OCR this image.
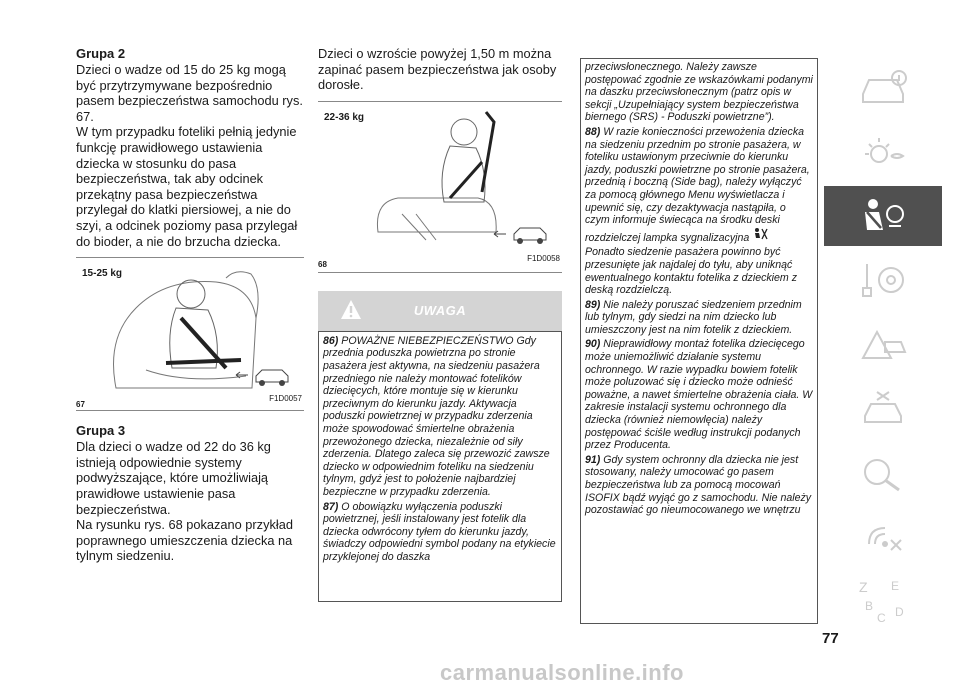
Grupa 2

Dzieci o wadze od 15 do 25 kg mogą być przytrzymywane bezpośrednio pasem bezpieczeństwa samochodu rys. 67.

W tym przypadku foteliki pełnią jedynie funkcję prawidłowego ustawienia dziecka w stosunku do pasa bezpieczeństwa, tak aby odcinek przekątny pasa bezpieczeństwa przylegał do klatki piersiowej, a nie do szyi, a odcinek poziomy pasa przylegał do bioder, a nie do brzucha dziecka.

15-25 kg
67
F1D0057
Grupa 3

Dla dzieci o wadze od 22 do 36 kg istnieją odpowiednie systemy podwyższające, które umożliwiają prawidłowe ustawienie pasa bezpieczeństwa.

Na rysunku rys. 68 pokazano przykład poprawnego umieszczenia dziecka na tylnym siedzeniu.

Dzieci o wzroście powyżej 1,50 m można zapinać pasem bezpieczeństwa jak osoby dorosłe.

22-36 kg
68
F1D0058
UWAGA

86) POWAŻNE NIEBEZPIECZEŃSTWO Gdy przednia poduszka powietrzna po stronie pasażera jest aktywna, na siedzeniu pasażera przedniego nie należy montować fotelików dziecięcych, które montuje się w kierunku przeciwnym do kierunku jazdy. Aktywacja poduszki powietrznej w przypadku zderzenia może spowodować śmiertelne obrażenia przewożonego dziecka, niezależnie od siły zderzenia. Dlatego zaleca się przewozić zawsze dziecko w odpowiednim foteliku na siedzeniu tylnym, gdyż jest to położenie najbardziej bezpieczne w przypadku zderzenia.

87) O obowiązku wyłączenia poduszki powietrznej, jeśli instalowany jest fotelik dla dziecka odwrócony tyłem do kierunku jazdy, świadczy odpowiedni symbol podany na etykiecie przyklejonej do daszka

przeciwsłonecznego. Należy zawsze postępować zgodnie ze wskazówkami podanymi na daszku przeciwsłonecznym (patrz opis w sekcji „Uzupełniający system bezpieczeństwa biernego (SRS) - Poduszki powietrzne”).

88) W razie konieczności przewożenia dziecka na siedzeniu przednim po stronie pasażera, w foteliku ustawionym przeciwnie do kierunku jazdy, poduszki powietrzne po stronie pasażera, przednią i boczną (Side bag), należy wyłączyć za pomocą głównego Menu wyświetlacza i upewnić się, czy dezaktywacja nastąpiła, o czym informuje świecąca na środku deski rozdzielczej lampka sygnalizacyjna

Ponadto siedzenie pasażera powinno być przesunięte jak najdalej do tyłu, aby uniknąć ewentualnego kontaktu fotelika z dzieckiem z deską rozdzielczą.

89) Nie należy poruszać siedzeniem przednim lub tylnym, gdy siedzi na nim dziecko lub umieszczony jest na nim fotelik z dzieckiem.

90) Nieprawidłowy montaż fotelika dziecięcego może uniemożliwić działanie systemu ochronnego. W razie wypadku bowiem fotelik może poluzować się i dziecko może odnieść poważne, a nawet śmiertelne obrażenia ciała. W zakresie instalacji systemu ochronnego dla dziecka (również niemowlęcia) należy postępować ściśle według instrukcji podanych przez Producenta.

91) Gdy system ochronny dla dziecka nie jest stosowany, należy umocować go pasem bezpieczeństwa lub za pomocą mocowań ISOFIX bądź wyjąć go z samochodu. Nie należy pozostawiać go nieumocowanego we wnętrzu

Z E
B
C D
77
carmanualsonline.info
